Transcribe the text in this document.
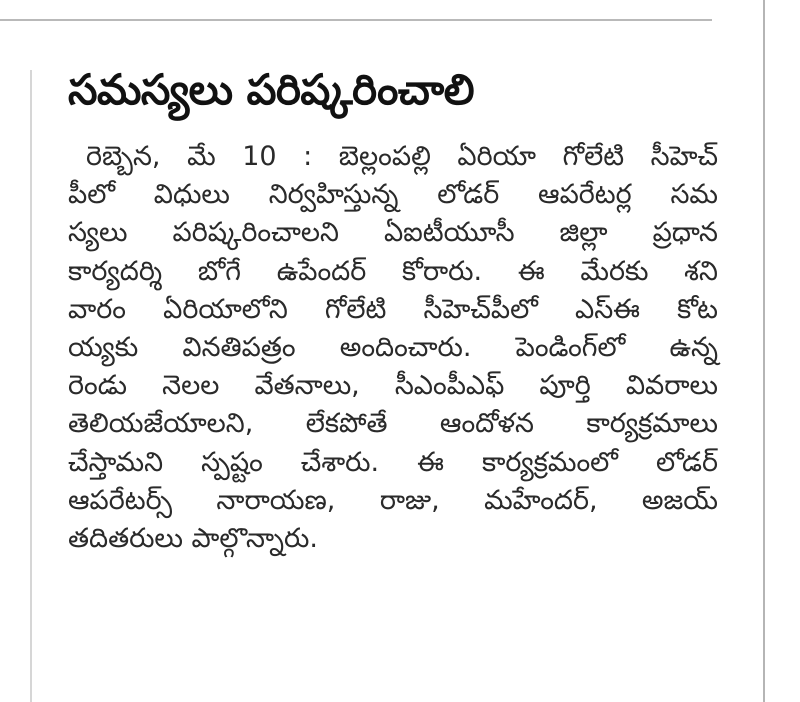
సమస్యలు పరిష్కరించాలి
రెబ్బెన, మే 10 : బెల్లంపల్లి ఏరియా గోలేటి సీహెచ్
పీలో విధులు నిర్వహిస్తున్న లోడర్ ఆపరేటర్ల సమ
స్యలు పరిష్కరించాలని ఏఐటీయూసీ జిల్లా ప్రధాన
కార్యదర్శి బోగే ఉపేందర్ కోరారు. ఈ మేరకు శని
వారం ఏరియాలోని గోలేటి సీహెచ్‌పీలో ఎస్ఈ కోట
య్యకు వినతిపత్రం అందించారు. పెండింగ్‌లో ఉన్న
రెండు నెలల వేతనాలు, సీఎంపీఎఫ్ పూర్తి వివరాలు
తెలియజేయాలని, లేకపోతే ఆందోళన కార్యక్రమాలు
చేస్తామని స్పష్టం చేశారు. ఈ కార్యక్రమంలో లోడర్
ఆపరేటర్స్ నారాయణ, రాజు, మహేందర్, అజయ్
తదితరులు పాల్గొన్నారు.
